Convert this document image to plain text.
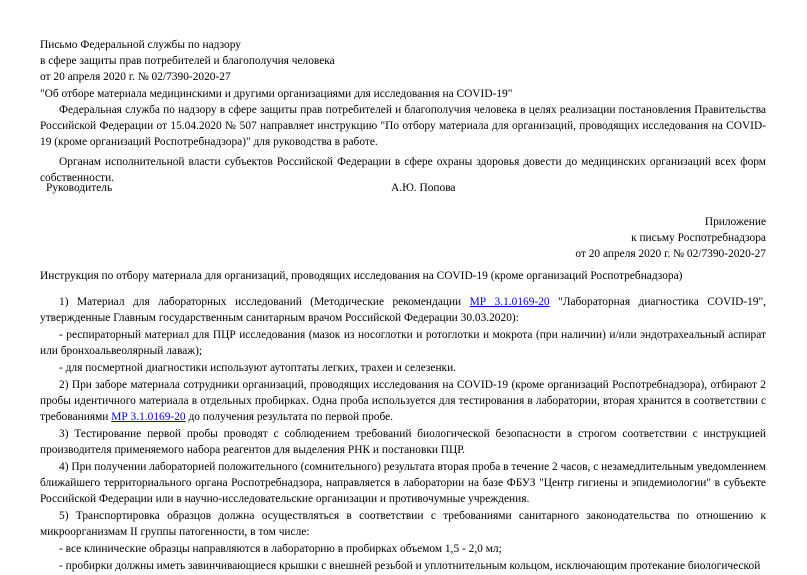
Письмо Федеральной службы по надзору
в сфере защиты прав потребителей и благополучия человека
от 20 апреля 2020 г. № 02/7390-2020-27
"Об отборе материала медицинскими и другими организациями для исследования на COVID-19"

Федеральная служба по надзору в сфере защиты прав потребителей и благополучия человека в целях реализации постановления Правительства Российской Федерации от 15.04.2020 № 507 направляет инструкцию "По отбору материала для организаций, проводящих исследования на COVID-19 (кроме организаций Роспотребнадзора)" для руководства в работе.

Органам исполнительной власти субъектов Российской Федерации в сфере охраны здоровья довести до медицинских организаций всех форм собственности.

Руководитель	А.Ю. Попова
Приложение
к письму Роспотребнадзора
от 20 апреля 2020 г. № 02/7390-2020-27
Инструкция по отбору материала для организаций, проводящих исследования на COVID-19 (кроме организаций Роспотребнадзора)

1) Материал для лабораторных исследований (Методические рекомендации МР 3.1.0169-20 "Лабораторная диагностика COVID-19", утвержденные Главным государственным санитарным врачом Российской Федерации 30.03.2020):

- респираторный материал для ПЦР исследования (мазок из носоглотки и ротоглотки и мокрота (при наличии) и/или эндотрахеальный аспират или бронхоальвеолярный лаваж);

- для посмертной диагностики используют аутоптаты легких, трахеи и селезенки.

2) При заборе материала сотрудники организаций, проводящих исследования на COVID-19 (кроме организаций Роспотребнадзора), отбирают 2 пробы идентичного материала в отдельных пробирках. Одна проба используется для тестирования в лаборатории, вторая хранится в соответствии с требованиями МР 3.1.0169-20 до получения результата по первой пробе.

3) Тестирование первой пробы проводят с соблюдением требований биологической безопасности в строгом соответствии с инструкцией производителя применяемого набора реагентов для выделения РНК и постановки ПЦР.

4) При получении лабораторией положительного (сомнительного) результата вторая проба в течение 2 часов, с незамедлительным уведомлением ближайшего территориального органа Роспотребнадзора, направляется в лаборатории на базе ФБУЗ "Центр гигиены и эпидемиологии" в субъекте Российской Федерации или в научно-исследовательские организации и противочумные учреждения.

5) Транспортировка образцов должна осуществляться в соответствии с требованиями санитарного законодательства по отношению к микроорганизмам II группы патогенности, в том числе:

- все клинические образцы направляются в лабораторию в пробирках объемом 1,5 - 2,0 мл;

- пробирки должны иметь завинчивающиеся крышки с внешней резьбой и уплотнительным кольцом, исключающим протекание биологической
